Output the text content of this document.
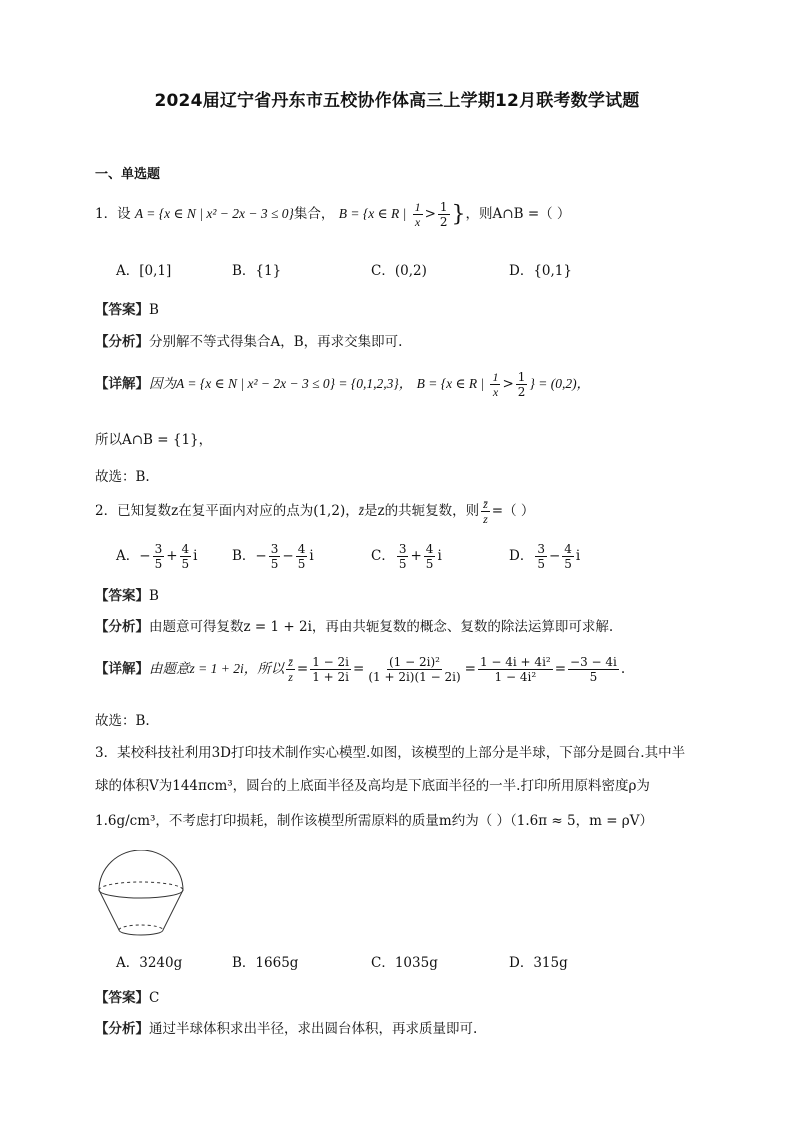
2024届辽宁省丹东市五校协作体高三上学期12月联考数学试题
一、单选题
1．设 A = {x ∈ N | x² − 2x − 3 ≤ 0}集合， B = {x ∈ R | $\frac{1}{x} > \frac{1}{2}$ }，则A∩B =（ ）
A．[0,1]	B．{1}	C．(0,2)	D．{0,1}
【答案】B
【分析】分别解不等式得集合A，B，再求交集即可.
【详解】因为A = {x ∈ N | x² − 2x − 3 ≤ 0} = {0,1,2,3}， B = {x ∈ R | $\frac{1}{x} > \frac{1}{2}$ } = (0,2)，
所以A∩B = {1}，
故选：B.
2．已知复数z在复平面内对应的点为(1,2)，z̄是z的共轭复数，则 $\frac{z̄}{z}$ =（ ）
A．− $\frac{3}{5} + \frac{4}{5}$ i	B．− $\frac{3}{5} - \frac{4}{5}$ i	C． $\frac{3}{5} + \frac{4}{5}$ i	D． $\frac{3}{5} - \frac{4}{5}$ i
【答案】B
【分析】由题意可得复数z = 1 + 2i，再由共轭复数的概念、复数的除法运算即可求解.
【详解】由题意z = 1 + 2i，所以 $\frac{z̄}{z} = \frac{1 - 2i}{1 + 2i} = \frac{\text{(1 − 2i)²}}{(1 + 2i)(1 - 2i)} = \frac{\text{1 − 4i + 4i²}}{\text{1 − 4i²}} = \frac{-3 - 4i}{5}$ .
故选：B.
3．某校科技社利用3D打印技术制作实心模型.如图，该模型的上部分是半球，下部分是圆台.其中半
球的体积V为144πcm³，圆台的上底面半径及高均是下底面半径的一半.打印所用原料密度ρ为
1.6g/cm³，不考虑打印损耗，制作该模型所需原料的质量m约为（ ）（1.6π ≈ 5，m = ρV）
A．3240g	B．1665g	C．1035g	D．315g
【答案】C
【分析】通过半球体积求出半径，求出圆台体积，再求质量即可.
